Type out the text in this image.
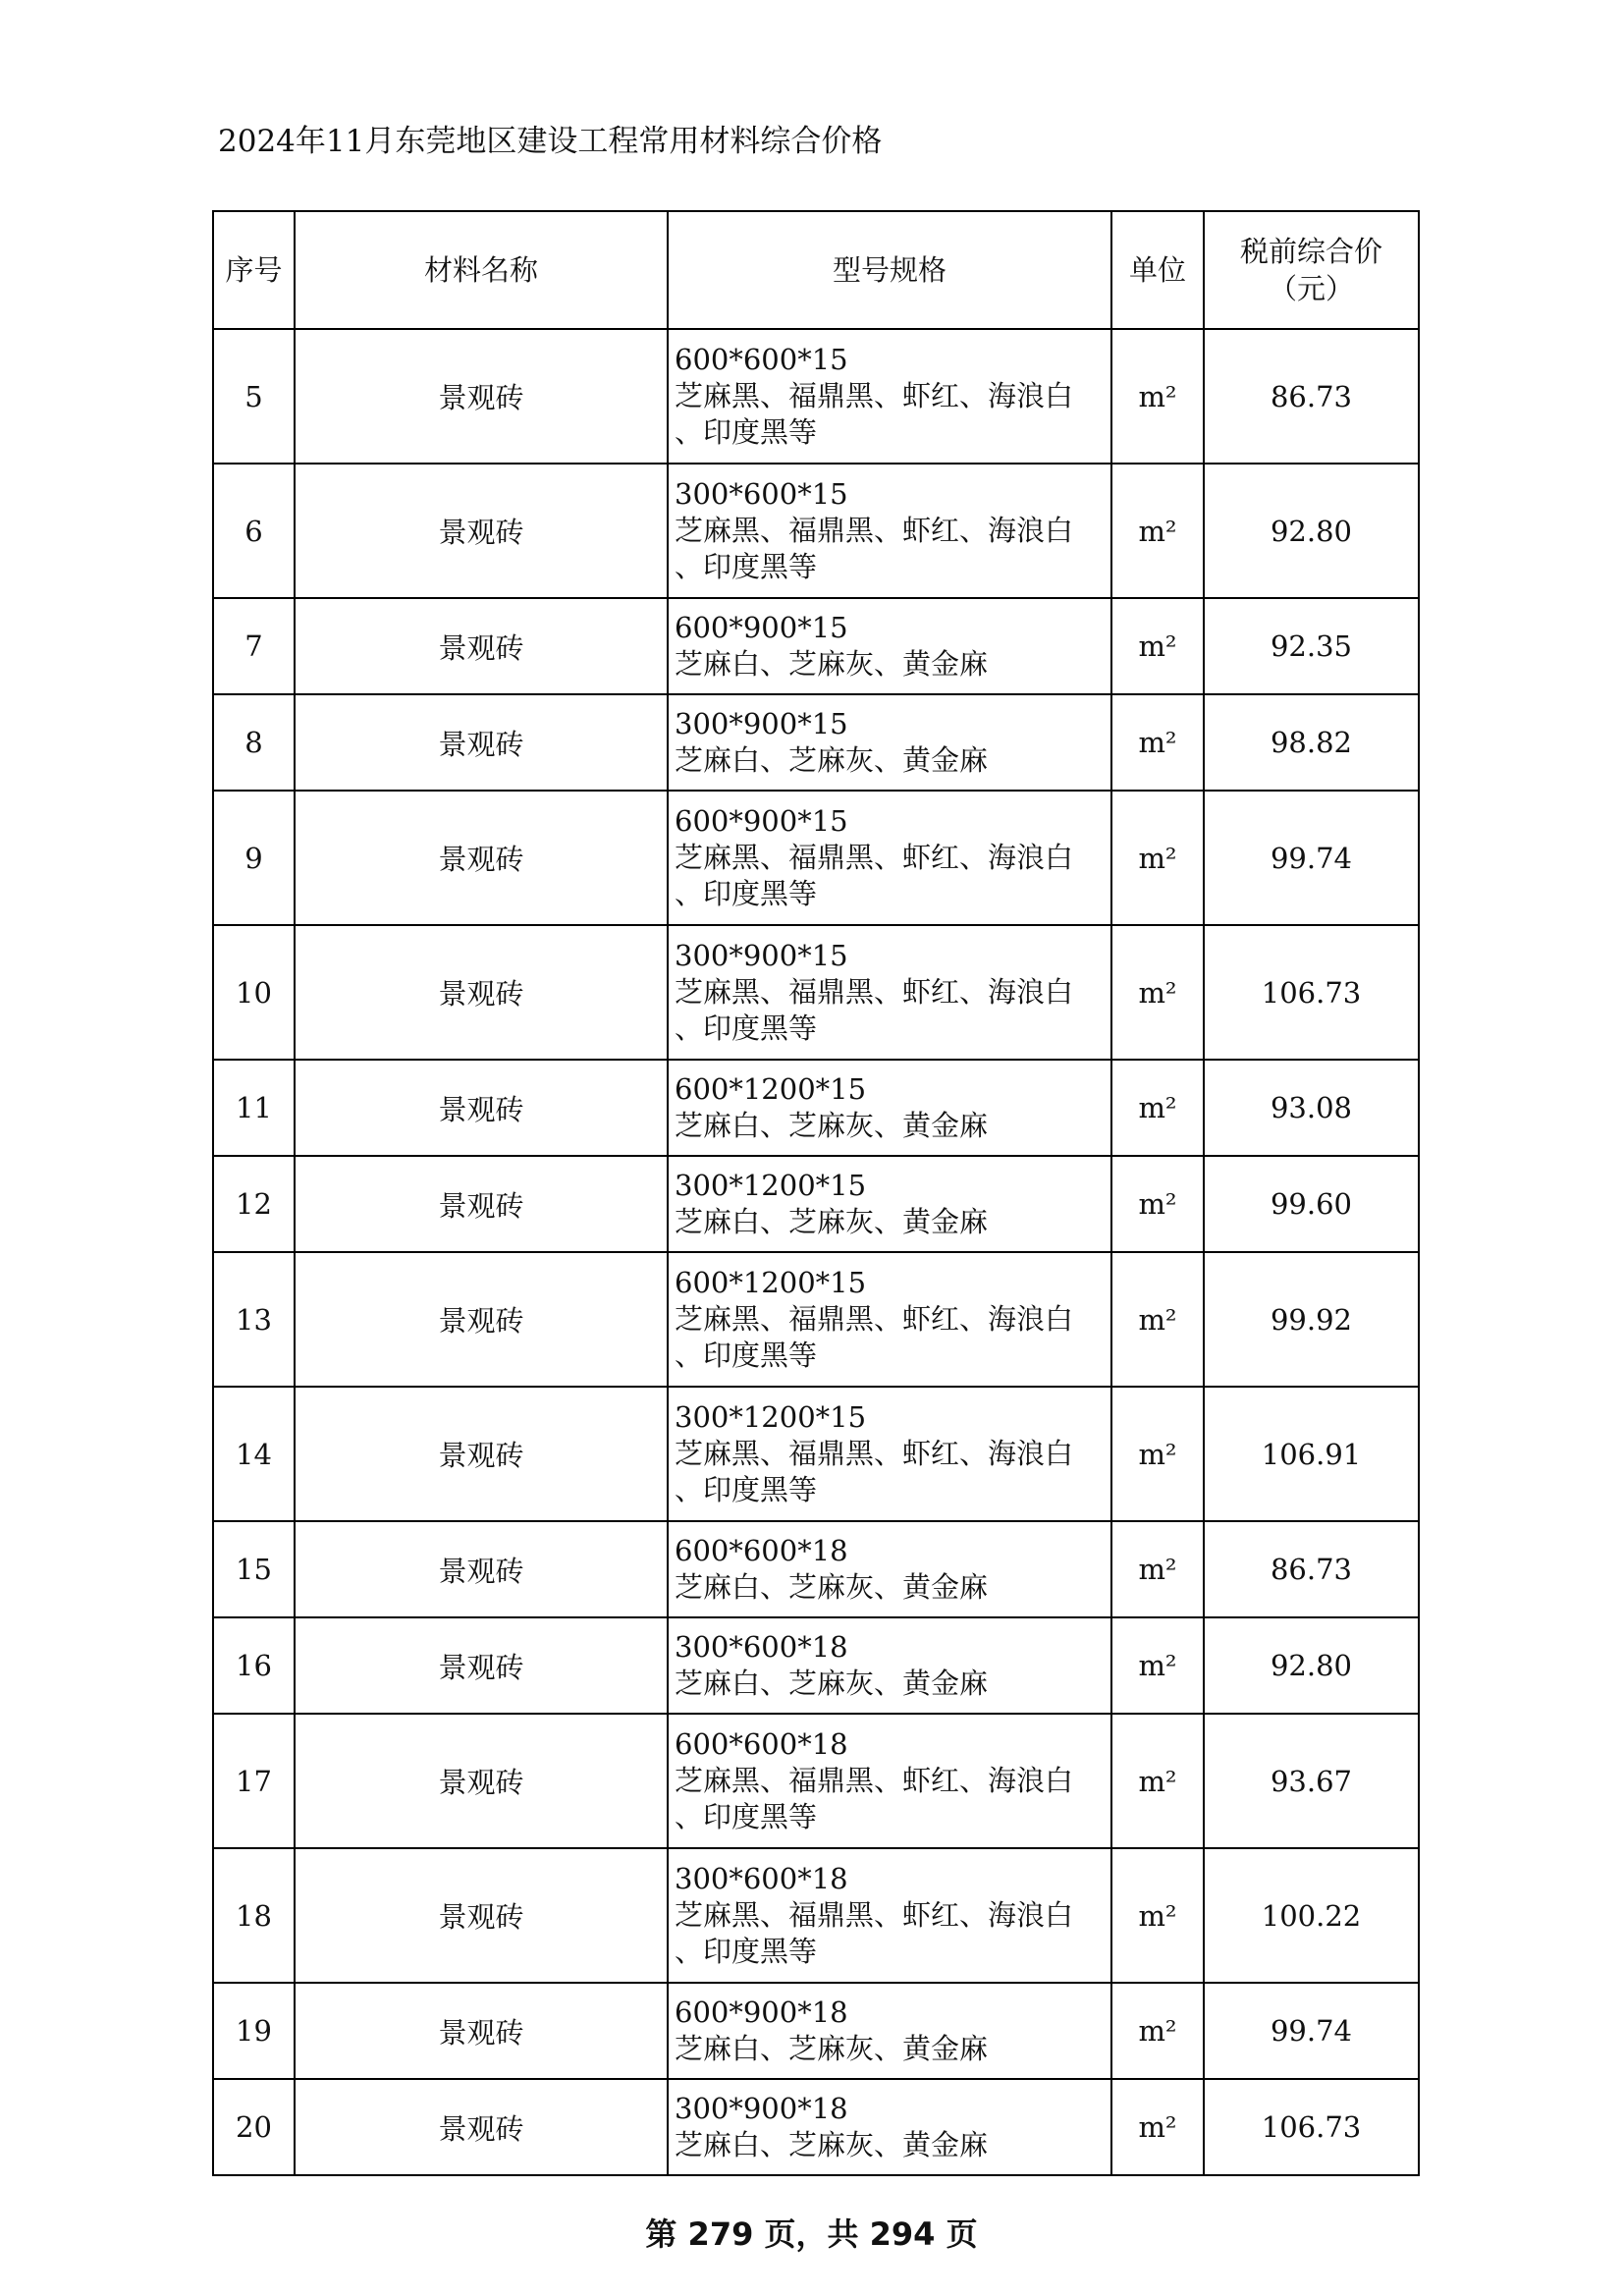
2024年11月东莞地区建设工程常用材料综合价格
序号	材料名称	型号规格	单位	税前综合价
（元）

5	景观砖	600*600*15
芝麻黑、福鼎黑、虾红、海浪白
、印度黑等	m²	86.73
6	景观砖	300*600*15
芝麻黑、福鼎黑、虾红、海浪白
、印度黑等	m²	92.80
7	景观砖	600*900*15
芝麻白、芝麻灰、黄金麻	m²	92.35
8	景观砖	300*900*15
芝麻白、芝麻灰、黄金麻	m²	98.82
9	景观砖	600*900*15
芝麻黑、福鼎黑、虾红、海浪白
、印度黑等	m²	99.74
10	景观砖	300*900*15
芝麻黑、福鼎黑、虾红、海浪白
、印度黑等	m²	106.73
11	景观砖	600*1200*15
芝麻白、芝麻灰、黄金麻	m²	93.08
12	景观砖	300*1200*15
芝麻白、芝麻灰、黄金麻	m²	99.60
13	景观砖	600*1200*15
芝麻黑、福鼎黑、虾红、海浪白
、印度黑等	m²	99.92
14	景观砖	300*1200*15
芝麻黑、福鼎黑、虾红、海浪白
、印度黑等	m²	106.91
15	景观砖	600*600*18
芝麻白、芝麻灰、黄金麻	m²	86.73
16	景观砖	300*600*18
芝麻白、芝麻灰、黄金麻	m²	92.80
17	景观砖	600*600*18
芝麻黑、福鼎黑、虾红、海浪白
、印度黑等	m²	93.67
18	景观砖	300*600*18
芝麻黑、福鼎黑、虾红、海浪白
、印度黑等	m²	100.22
19	景观砖	600*900*18
芝麻白、芝麻灰、黄金麻	m²	99.74
20	景观砖	300*900*18
芝麻白、芝麻灰、黄金麻	m²	106.73
第 279 页，共 294 页
